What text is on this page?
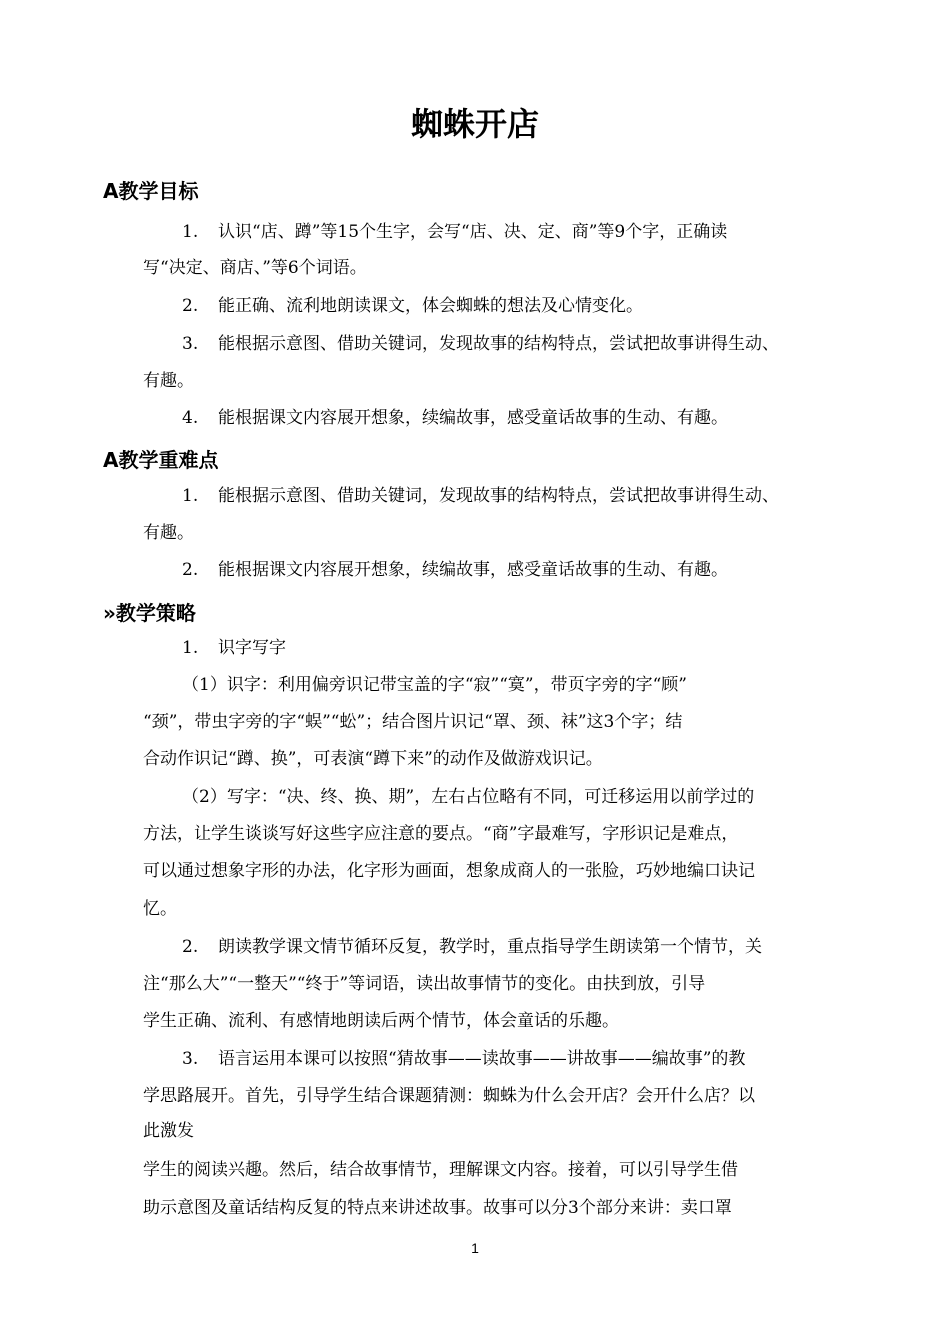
蜘蛛开店
A教学目标

1. 认识“店、蹲”等15个生字，会写“店、决、定、商”等9个字，正确读

写“决定、商店、”等6个词语。

2. 能正确、流利地朗读课文，体会蜘蛛的想法及心情变化。

3. 能根据示意图、借助关键词，发现故事的结构特点，尝试把故事讲得生动、

有趣。

4. 能根据课文内容展开想象，续编故事，感受童话故事的生动、有趣。

A教学重难点

1. 能根据示意图、借助关键词，发现故事的结构特点，尝试把故事讲得生动、

有趣。

2. 能根据课文内容展开想象，续编故事，感受童话故事的生动、有趣。

»教学策略

1. 识字写字

（1）识字：利用偏旁识记带宝盖的字“寂”“寞”，带页字旁的字“顾”

“颈”，带虫字旁的字“蜈”“蚣”；结合图片识记“罩、颈、袜”这3个字；结

合动作识记“蹲、换”，可表演“蹲下来”的动作及做游戏识记。

（2）写字：“决、终、换、期”，左右占位略有不同，可迁移运用以前学过的

方法，让学生谈谈写好这些字应注意的要点。“商”字最难写，字形识记是难点，

可以通过想象字形的办法，化字形为画面，想象成商人的一张脸，巧妙地编口诀记

忆。

2. 朗读教学课文情节循环反复，教学时，重点指导学生朗读第一个情节，关

注“那么大”“一整天”“终于”等词语，读出故事情节的变化。由扶到放，引导

学生正确、流利、有感情地朗读后两个情节，体会童话的乐趣。

3. 语言运用本课可以按照“猜故事——读故事——讲故事——编故事”的教

学思路展开。首先，引导学生结合课题猜测：蜘蛛为什么会开店？会开什么店？以

此激发

学生的阅读兴趣。然后，结合故事情节，理解课文内容。接着，可以引导学生借

助示意图及童话结构反复的特点来讲述故事。故事可以分3个部分来讲：卖口罩

1
